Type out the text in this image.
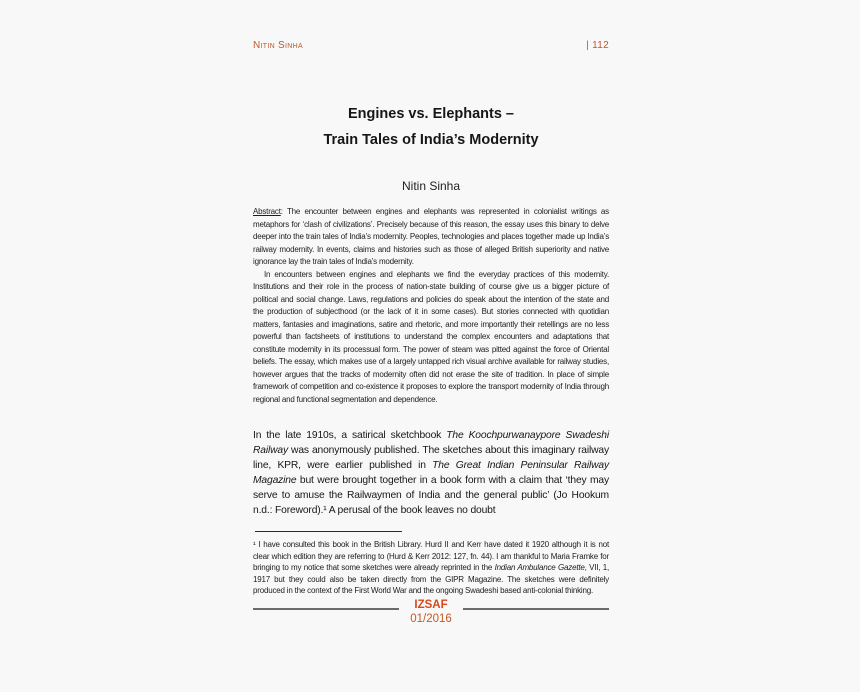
Nitin Sinha	| 112
Engines vs. Elephants –
Train Tales of India’s Modernity
Nitin Sinha
Abstract: The encounter between engines and elephants was represented in colonialist writings as metaphors for ‘clash of civilizations’. Precisely because of this reason, the essay uses this binary to delve deeper into the train tales of India’s modernity. Peoples, technologies and places together made up India’s railway modernity. In events, claims and histories such as those of alleged British superiority and native ignorance lay the train tales of India’s modernity.
In encounters between engines and elephants we find the everyday practices of this modernity. Institutions and their role in the process of nation-state building of course give us a bigger picture of political and social change. Laws, regulations and policies do speak about the intention of the state and the production of subjecthood (or the lack of it in some cases). But stories connected with quotidian matters, fantasies and imaginations, satire and rhetoric, and more importantly their retellings are no less powerful than factsheets of institutions to understand the complex encounters and adaptations that constitute modernity in its processual form. The power of steam was pitted against the force of Oriental beliefs. The essay, which makes use of a largely untapped rich visual archive available for railway studies, however argues that the tracks of modernity often did not erase the site of tradition. In place of simple framework of competition and co-existence it proposes to explore the transport modernity of India through regional and functional segmentation and dependence.
In the late 1910s, a satirical sketchbook The Koochpurwanaypore Swadeshi Railway was anonymously published. The sketches about this imaginary railway line, KPR, were earlier published in The Great Indian Peninsular Railway Magazine but were brought together in a book form with a claim that ‘they may serve to amuse the Railwaymen of India and the general public’ (Jo Hookum n.d.: Foreword).¹ A perusal of the book leaves no doubt
¹ I have consulted this book in the British Library. Hurd II and Kerr have dated it 1920 although it is not clear which edition they are referring to (Hurd & Kerr 2012: 127, fn. 44). I am thankful to Maria Framke for bringing to my notice that some sketches were already reprinted in the Indian Ambulance Gazette, VII, 1, 1917 but they could also be taken directly from the GIPR Magazine. The sketches were definitely produced in the context of the First World War and the ongoing Swadeshi based anti-colonial thinking.
IZSAF
01/2016
